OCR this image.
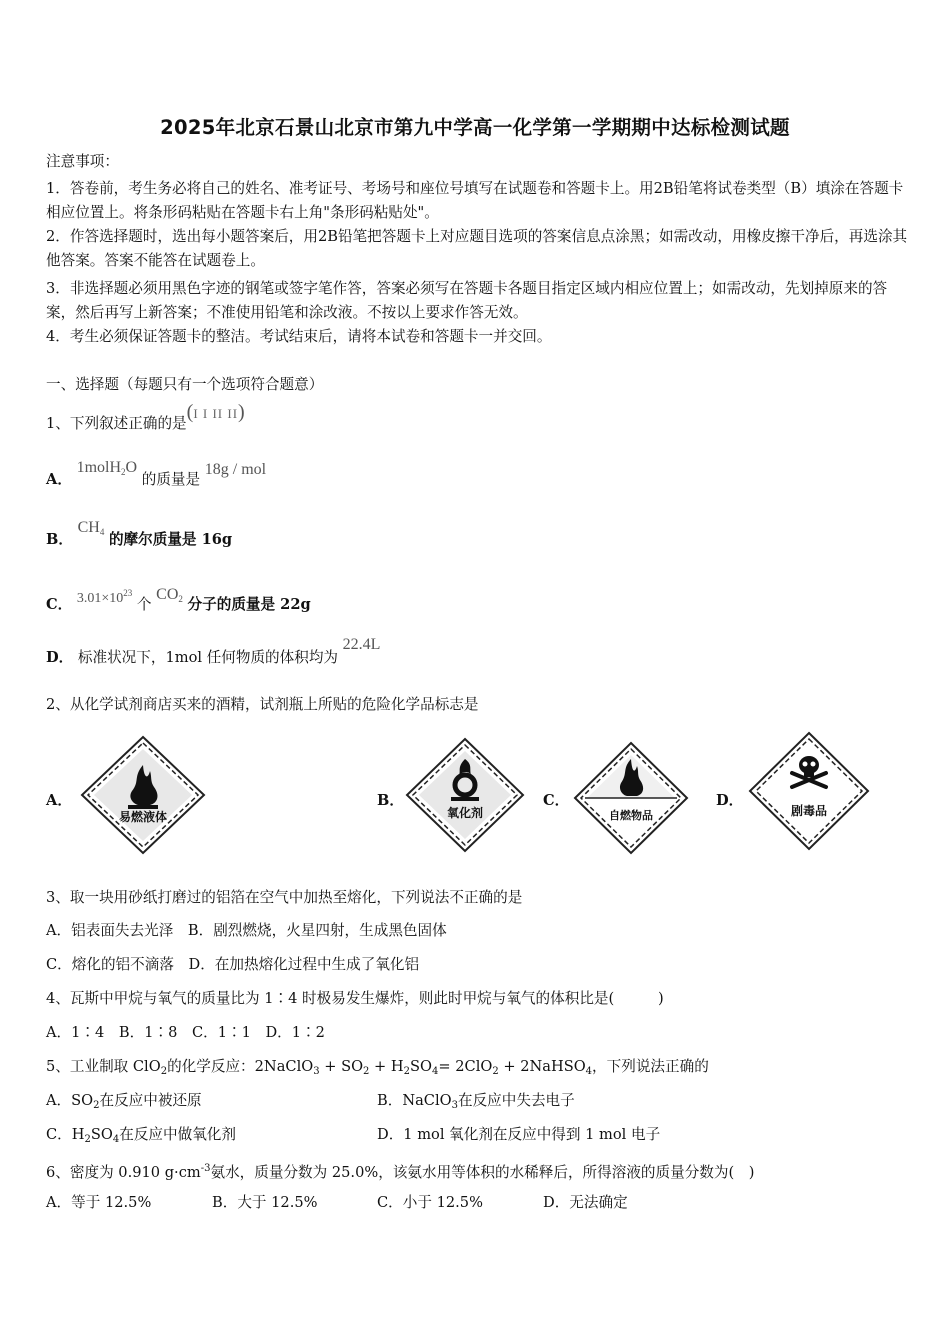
2025年北京石景山北京市第九中学高一化学第一学期期中达标检测试题
注意事项：
1．答卷前，考生务必将自己的姓名、准考证号、考场号和座位号填写在试题卷和答题卡上。用2B铅笔将试卷类型（B）填涂在答题卡相应位置上。将条形码粘贴在答题卡右上角"条形码粘贴处"。
2．作答选择题时，选出每小题答案后，用2B铅笔把答题卡上对应题目选项的答案信息点涂黑；如需改动，用橡皮擦干净后，再选涂其他答案。答案不能答在试题卷上。
3．非选择题必须用黑色字迹的钢笔或签字笔作答，答案必须写在答题卡各题目指定区域内相应位置上；如需改动，先划掉原来的答案，然后再写上新答案；不准使用铅笔和涂改液。不按以上要求作答无效。
4．考生必须保证答题卡的整洁。考试结束后，请将本试卷和答题卡一并交回。
一、选择题（每题只有一个选项符合题意）
1、下列叙述正确的是(I I II II)
A． 1molH$_2$O 的质量是 18g / mol
B． $CH_4$ 的摩尔质量是 16g
C． $3.01\times 10^{23}$ 个 $CO_2$ 分子的质量是 22g
D． 标准状况下，1mol 任何物质的体积均为 22.4L
2、从化学试剂商店买来的酒精，试剂瓶上所贴的危险化学品标志是
A．
易燃液体
B．
氧化剂
C．
自燃物品
D．
剧毒品
3、取一块用砂纸打磨过的铝箔在空气中加热至熔化，下列说法不正确的是
A．铝表面失去光泽　B．剧烈燃烧，火星四射，生成黑色固体
C．熔化的铝不滴落　D．在加热熔化过程中生成了氧化铝
4、瓦斯中甲烷与氧气的质量比为 1∶4 时极易发生爆炸，则此时甲烷与氧气的体积比是(　　　)
A．1∶4　B．1∶8　C．1∶1　D．1∶2
5、工业制取 ClO$_2$的化学反应：2NaClO$_3$ + $SO_2 + H_2SO_4= 2ClO_2$ + 2NaHSO$_4$，下列说法正确的
A．$SO_2$在反应中被还原	B．NaClO$_3$在反应中失去电子
C．$H_2SO_4$在反应中做氧化剂	D．1 mol 氧化剂在反应中得到 1 mol 电子
6、密度为 0.910 $g\cdot cm^{-3}$氨水，质量分数为 25.0%，该氨水用等体积的水稀释后，所得溶液的质量分数为(　)
A．等于 12.5%	B．大于 12.5%	C．小于 12.5%	D．无法确定
